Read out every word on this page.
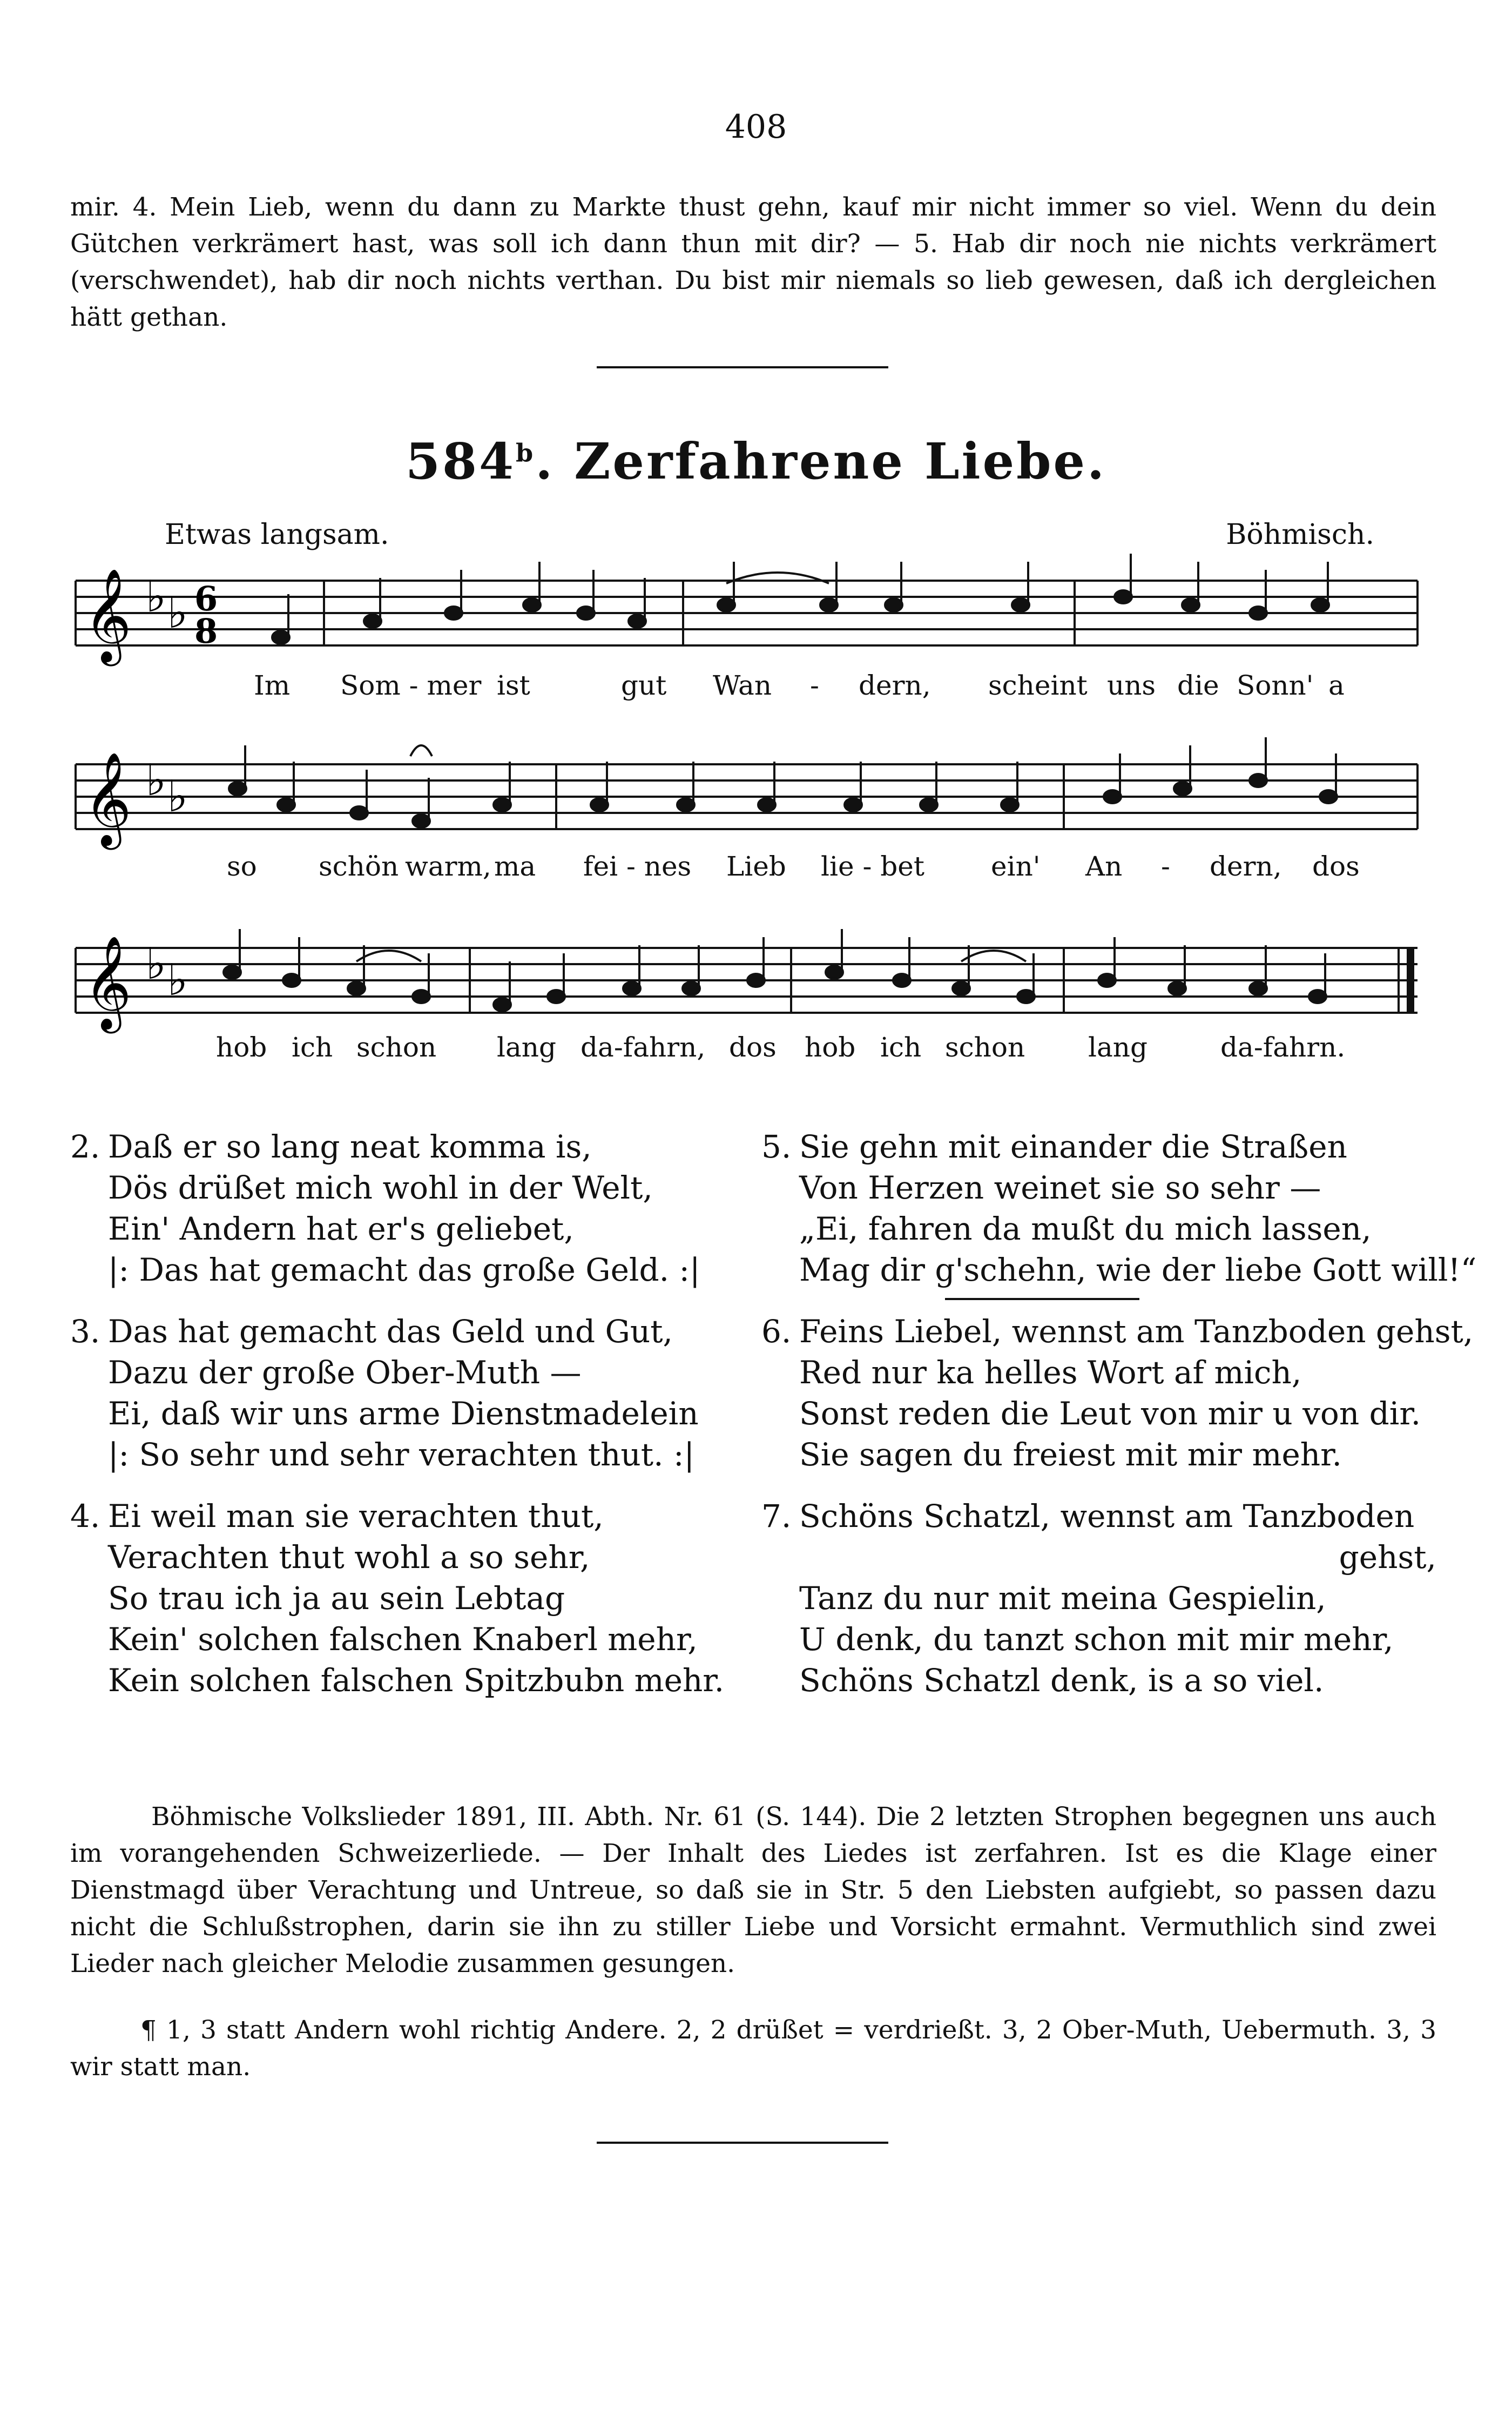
408
mir. 4. Mein Lieb, wenn du dann zu Markte thust gehn, kauf mir nicht immer so viel. Wenn du dein Gütchen verkrämert hast, was soll ich dann thun mit dir? — 5. Hab dir noch nie nichts verkrämert (verschwendet), hab dir noch nichts verthan. Du bist mir niemals so lieb gewesen, daß ich dergleichen hätt gethan.
584$^b$. Zerfahrene Liebe.
Etwas langsam.	Böhmisch.
𝄞 ♭ ♭ 6
8
𝄞 ♭ ♭
𝄞 ♭ ♭
Im Som - mer ist	gut Wan - dern, scheint uns die Sonn' a
so schön warm, ma fei - nes Lieb lie - bet ein' An - dern, dos
hob ich schon lang da-fahrn, dos hob ich schon lang	da-fahrn.
2. Daß er so lang neat komma is,
Dös drüßet mich wohl in der Welt,
Ein' Andern hat er's geliebet,
|: Das hat gemacht das große Geld. :|
3. Das hat gemacht das Geld und Gut,
Dazu der große Ober-Muth —
Ei, daß wir uns arme Dienstmadelein
|: So sehr und sehr verachten thut. :|
4. Ei weil man sie verachten thut,
Verachten thut wohl a so sehr,
So trau ich ja au sein Lebtag
Kein' solchen falschen Knaberl mehr,
Kein solchen falschen Spitzbubn mehr.
5. Sie gehn mit einander die Straßen
Von Herzen weinet sie so sehr —
„Ei, fahren da mußt du mich lassen,
Mag dir g'schehn, wie der liebe Gott will!“
6. Feins Liebel, wennst am Tanzboden gehst,
Red nur ka helles Wort af mich,
Sonst reden die Leut von mir u von dir.
Sie sagen du freiest mit mir mehr.
7. Schöns Schatzl, wennst am Tanzboden
gehst,
Tanz du nur mit meina Gespielin,
U denk, du tanzt schon mit mir mehr,
Schöns Schatzl denk, is a so viel.
Böhmische Volkslieder 1891, III. Abth. Nr. 61 (S. 144). Die 2 letzten Strophen begegnen uns auch im vorangehenden Schweizerliede. — Der Inhalt des Liedes ist zerfahren. Ist es die Klage einer Dienstmagd über Verachtung und Untreue, so daß sie in Str. 5 den Liebsten aufgiebt, so passen dazu nicht die Schlußstrophen, darin sie ihn zu stiller Liebe und Vorsicht ermahnt. Vermuthlich sind zwei Lieder nach gleicher Melodie zusammen gesungen.
¶ 1, 3 statt Andern wohl richtig Andere. 2, 2 drüßet = verdrießt. 3, 2 Ober-Muth, Uebermuth. 3, 3 wir statt man.
